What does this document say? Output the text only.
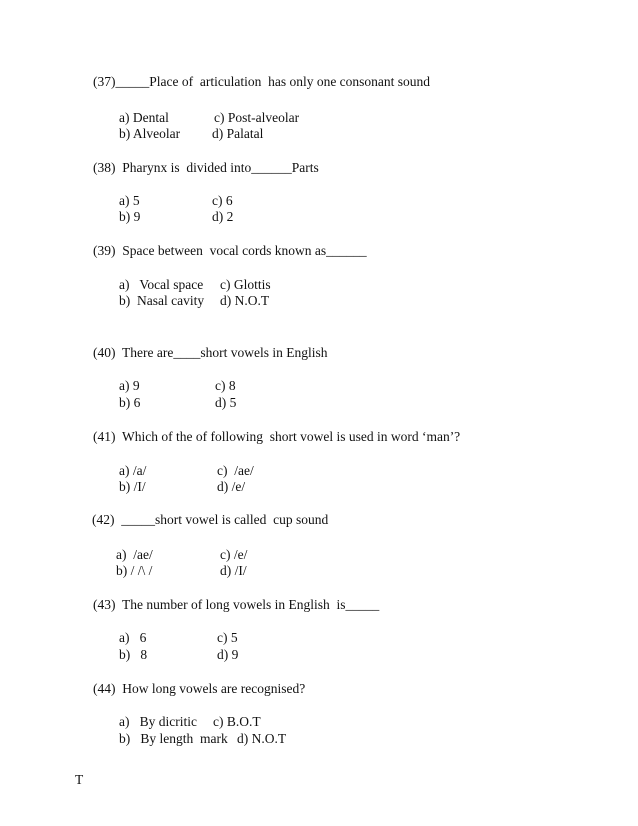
(37)_____Place of  articulation  has only one consonant sound
a) Dental	c) Post-alveolar
b) Alveolar d) Palatal
(38)  Pharynx is  divided into______Parts
a) 5	c) 6
b) 9	d) 2
(39)  Space between  vocal cords known as______
a)   Vocal space c) Glottis
b)  Nasal cavity d) N.O.T
(40)  There are____short vowels in English
a) 9	c) 8
b) 6	d) 5
(41)  Which of the of following  short vowel is used in word ‘man’?
a) /a/	c)  /ae/
b) /I/	d) /e/
(42)  _____short vowel is called  cup sound
a)  /ae/	c) /e/
b) / /\ /	d) /I/
(43)  The number of long vowels in English  is_____
a)   6	c) 5
b)   8	d) 9
(44)  How long vowels are recognised?
a)   By dicritic c) B.O.T
b)   By length  mark d) N.O.T
T
